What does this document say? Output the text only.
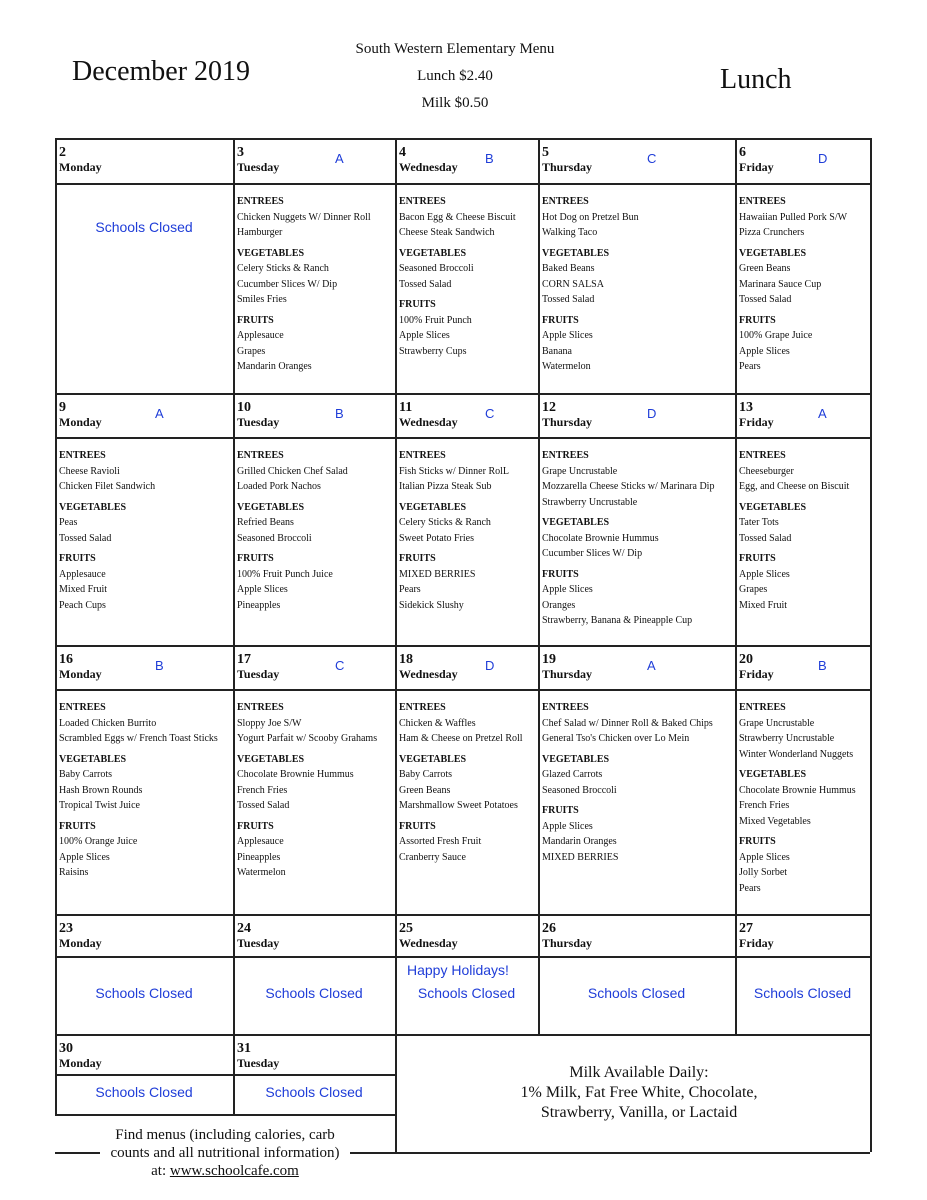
December 2019
South Western Elementary Menu
Lunch $2.40
Milk $0.50
Lunch
2
Monday
Schools Closed
3
Tuesday
A
ENTREES
Chicken Nuggets W/ Dinner Roll
Hamburger
VEGETABLES
Celery Sticks & Ranch
Cucumber Slices W/ Dip
Smiles Fries
FRUITS
Applesauce
Grapes
Mandarin Oranges
4
Wednesday
B
ENTREES
Bacon Egg & Cheese Biscuit
Cheese Steak Sandwich
VEGETABLES
Seasoned Broccoli
Tossed Salad
FRUITS
100% Fruit Punch
Apple Slices
Strawberry Cups
5
Thursday
C
ENTREES
Hot Dog on Pretzel Bun
Walking Taco
VEGETABLES
Baked Beans
CORN SALSA
Tossed Salad
FRUITS
Apple Slices
Banana
Watermelon
6
Friday
D
ENTREES
Hawaiian Pulled Pork S/W
Pizza Crunchers
VEGETABLES
Green Beans
Marinara Sauce Cup
Tossed Salad
FRUITS
100% Grape Juice
Apple Slices
Pears
9
Monday
A
ENTREES
Cheese Ravioli
Chicken Filet Sandwich
VEGETABLES
Peas
Tossed Salad
FRUITS
Applesauce
Mixed Fruit
Peach Cups
10
Tuesday
B
ENTREES
Grilled Chicken Chef Salad
Loaded Pork Nachos
VEGETABLES
Refried Beans
Seasoned Broccoli
FRUITS
100% Fruit Punch Juice
Apple Slices
Pineapples
11
Wednesday
C
ENTREES
Fish Sticks w/ Dinner RolL
Italian Pizza Steak Sub
VEGETABLES
Celery Sticks & Ranch
Sweet Potato Fries
FRUITS
MIXED BERRIES
Pears
Sidekick Slushy
12
Thursday
D
ENTREES
Grape Uncrustable
Mozzarella Cheese Sticks w/ Marinara Dip
Strawberry Uncrustable
VEGETABLES
Chocolate Brownie Hummus
Cucumber Slices W/ Dip
FRUITS
Apple Slices
Oranges
Strawberry, Banana & Pineapple Cup
13
Friday
A
ENTREES
Cheeseburger
Egg, and Cheese on Biscuit
VEGETABLES
Tater Tots
Tossed Salad
FRUITS
Apple Slices
Grapes
Mixed Fruit
16
Monday
B
ENTREES
Loaded Chicken Burrito
Scrambled Eggs w/ French Toast Sticks
VEGETABLES
Baby Carrots
Hash Brown Rounds
Tropical Twist Juice
FRUITS
100% Orange Juice
Apple Slices
Raisins
17
Tuesday
C
ENTREES
Sloppy Joe S/W
Yogurt Parfait w/ Scooby Grahams
VEGETABLES
Chocolate Brownie Hummus
French Fries
Tossed Salad
FRUITS
Applesauce
Pineapples
Watermelon
18
Wednesday
D
ENTREES
Chicken & Waffles
Ham & Cheese on Pretzel Roll
VEGETABLES
Baby Carrots
Green Beans
Marshmallow Sweet Potatoes
FRUITS
Assorted Fresh Fruit
Cranberry Sauce
19
Thursday
A
ENTREES
Chef Salad w/ Dinner Roll & Baked Chips
General Tso's Chicken over Lo Mein
VEGETABLES
Glazed Carrots
Seasoned Broccoli
FRUITS
Apple Slices
Mandarin Oranges
MIXED BERRIES
20
Friday
B
ENTREES
Grape Uncrustable
Strawberry Uncrustable
Winter Wonderland Nuggets
VEGETABLES
Chocolate Brownie Hummus
French Fries
Mixed Vegetables
FRUITS
Apple Slices
Jolly Sorbet
Pears
23
Monday
Schools Closed
24
Tuesday
Schools Closed
25
Wednesday
Happy Holidays!
Schools Closed
26
Thursday
Schools Closed
27
Friday
Schools Closed
30
Monday
Schools Closed
31
Tuesday
Schools Closed
Milk Available Daily:
1% Milk, Fat Free White, Chocolate,
Strawberry, Vanilla, or Lactaid
Find menus (including calories, carb
counts and all nutritional information)
at: www.schoolcafe.com
